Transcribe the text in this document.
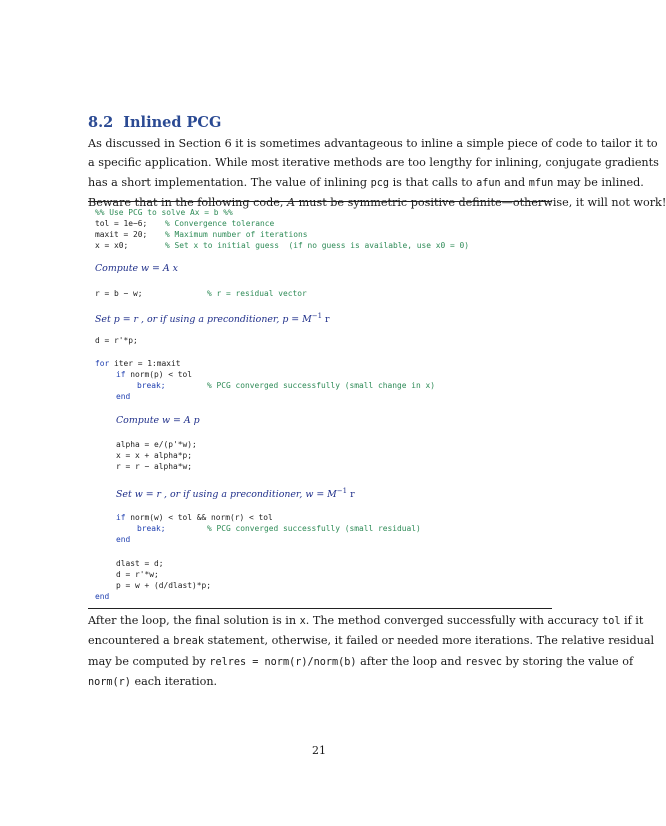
8.2 Inlined PCG
As discussed in Section 6 it is sometimes advantageous to inline a simple piece of code to tailor it to
a specific application. While most iterative methods are too lengthy for inlining, conjugate gradients
has a short implementation. The value of inlining pcg is that calls to afun and mfun may be inlined.
Beware that in the following code, A must be symmetric positive definite—otherwise, it will not work!
%% Use PCG to solve Ax = b %%
tol = 1e−6; % Convergence tolerance
maxit = 20; % Maximum number of iterations
x = x0;	% Set x to initial guess  (if no guess is available, use x0 = 0)
Compute w = A x
r = b − w;	% r = residual vector
Set p = r , or if using a preconditioner, $p = M^{-1}$ r
d = r'*p;
for iter = 1:maxit
if norm(p) < tol
break;	% PCG converged successfully (small change in x)
end
Compute w = A p
alpha = e/(p'*w);
x = x + alpha*p;
r = r − alpha*w;
Set w = r , or if using a preconditioner, $w = M^{-1}$ r
if norm(w) < tol && norm(r) < tol
break;	% PCG converged successfully (small residual)
end
dlast = d;
d = r'*w;
p = w + (d/dlast)*p;
end
After the loop, the final solution is in x. The method converged successfully with accuracy tol if it
encountered a break statement, otherwise, it failed or needed more iterations. The relative residual
may be computed by relres = norm(r)/norm(b) after the loop and resvec by storing the value of
norm(r) each iteration.
21
